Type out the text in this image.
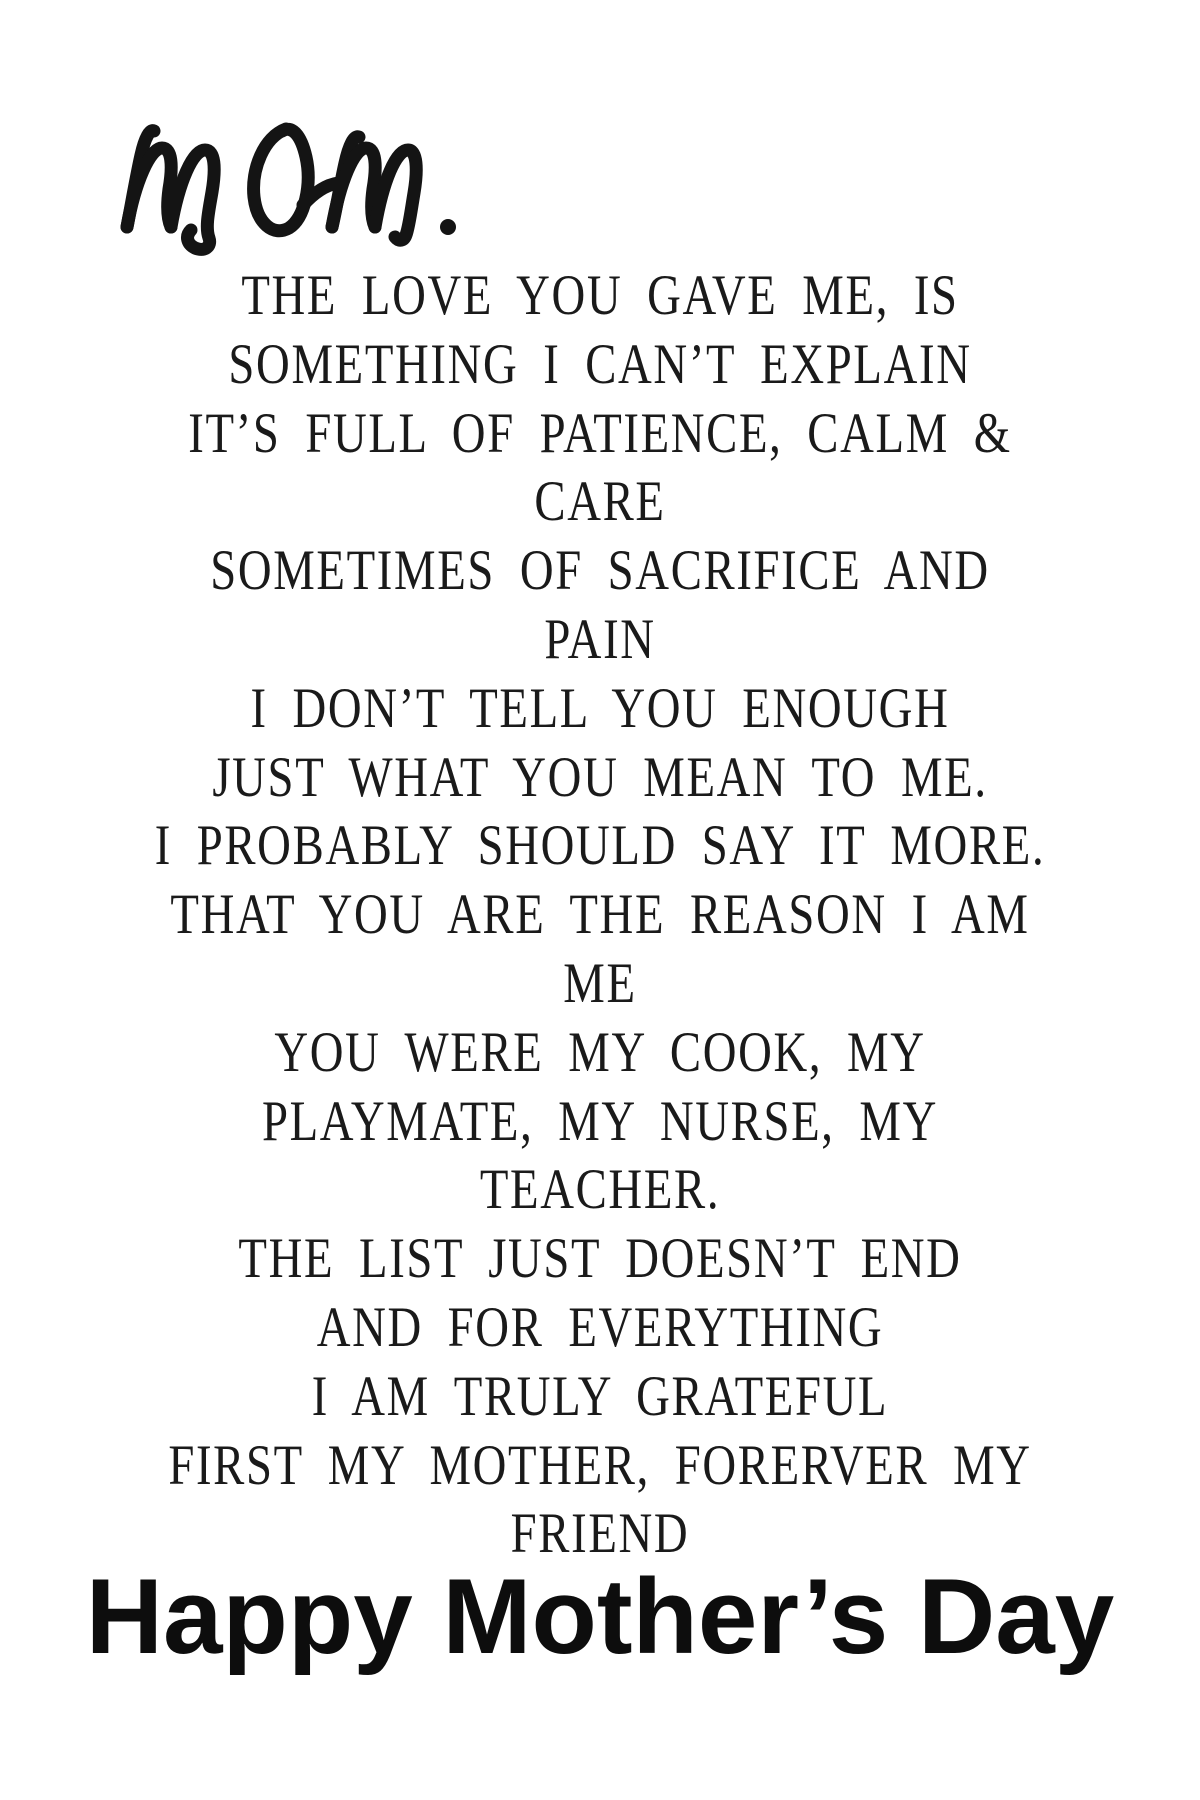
THE LOVE YOU GAVE ME, IS
SOMETHING I CAN’T EXPLAIN
IT’S FULL OF PATIENCE, CALM &
CARE
SOMETIMES OF SACRIFICE AND
PAIN
I DON’T TELL YOU ENOUGH
JUST WHAT YOU MEAN TO ME.
I PROBABLY SHOULD SAY IT MORE.
THAT YOU ARE THE REASON I AM
ME
YOU WERE MY COOK, MY
PLAYMATE, MY NURSE, MY
TEACHER.
THE LIST JUST DOESN’T END
AND FOR EVERYTHING
I AM TRULY GRATEFUL
FIRST MY MOTHER, FORERVER MY
FRIEND
Happy Mother’s Day
